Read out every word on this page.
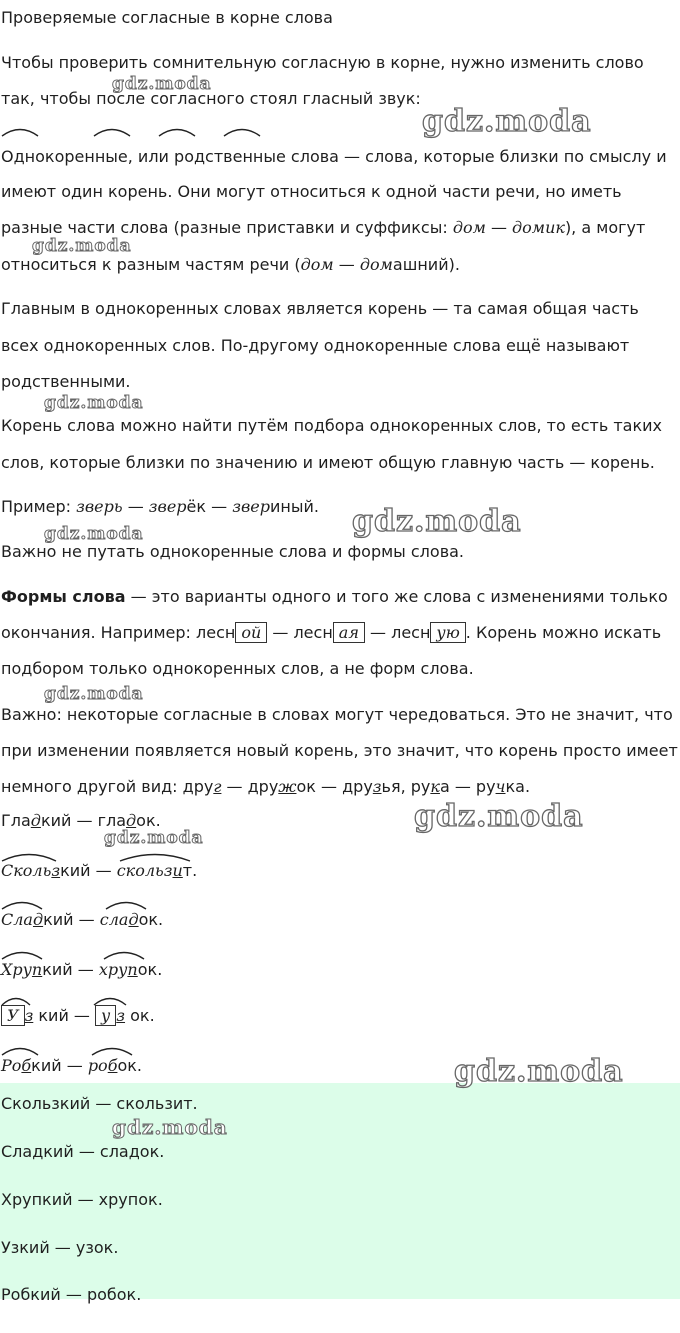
Проверяемые согласные в корне слова
Чтобы проверить сомнительную согласную в корне, нужно изменить слово
так, чтобы после согласного стоял гласный звук:
Однокоренные, или родственные слова — слова, которые близки по смыслу и
имеют один корень. Они могут относиться к одной части речи, но иметь
разные части слова (разные приставки и суффиксы: дом — домик), а могут
относиться к разным частям речи (дом — домашний).
Главным в однокоренных словах является корень — та самая общая часть
всех однокоренных слов. По-другому однокоренные слова ещё называют
родственными.
Корень слова можно найти путём подбора однокоренных слов, то есть таких
слов, которые близки по значению и имеют общую главную часть — корень.
Пример: зверь — зверёк — звериный.
Важно не путать однокоренные слова и формы слова.
Формы слова — это варианты одного и того же слова с изменениями только
окончания. Например: лесн ой — лесн ая — лесн ую . Корень можно искать
подбором только однокоренных слов, а не форм слова.
Важно: некоторые согласные в словах могут чередоваться. Это не значит, что
при изменении появляется новый корень, это значит, что корень просто имеет
немного другой вид: друг — дружок — друзья, рука — ручка.
Гладкий — гладок.
Скользкий — скользит.
Сладкий — сладок.
Хрупкий — хрупок.
У з кий — у з ок.
Робкий — робок.
Скользкий — скользит.
Сладкий — сладок.
Хрупкий — хрупок.
Узкий — узок.
Робкий — робок.
gdz.moda
gdz.moda
gdz.moda
gdz.moda
gdz.moda
gdz.moda
gdz.moda
gdz.moda
gdz.moda
gdz.moda
gdz.moda
